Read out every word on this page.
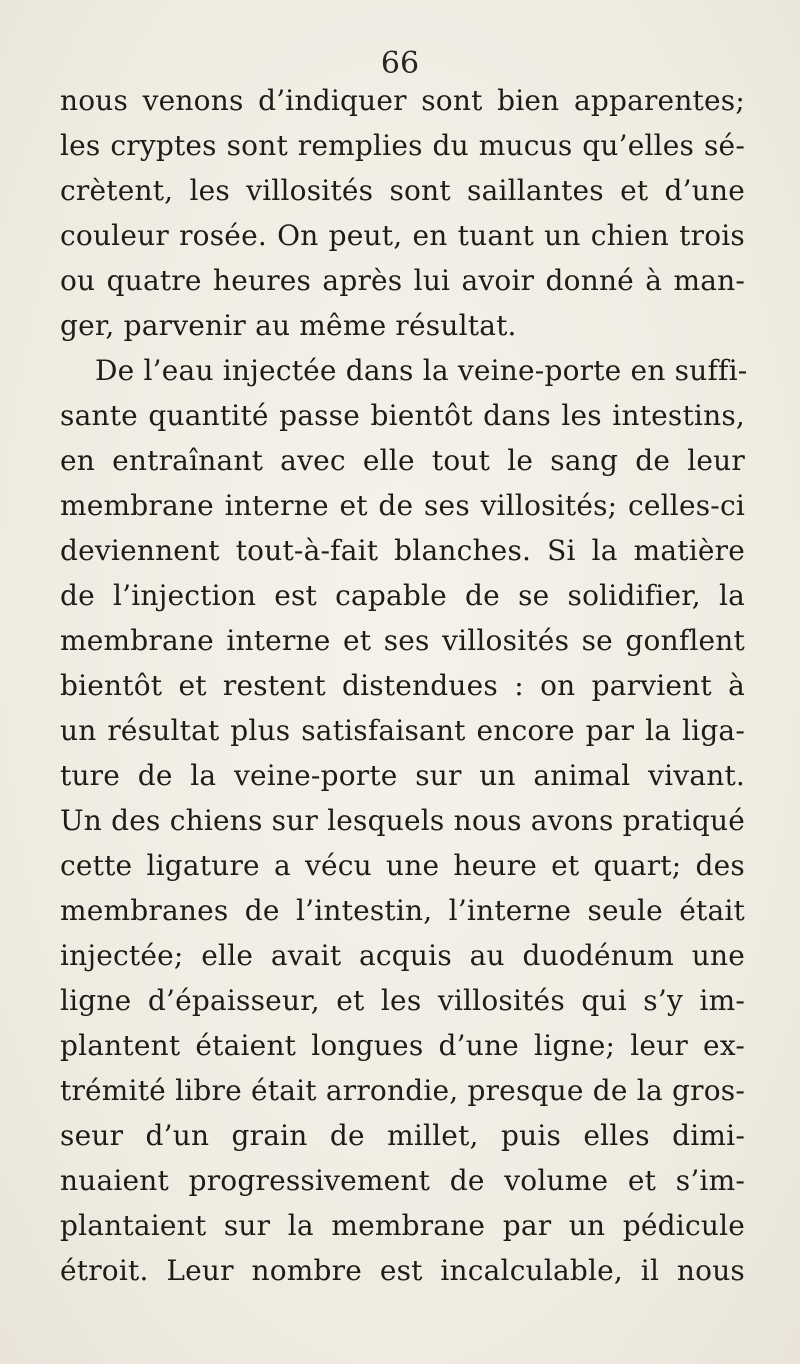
66
nous venons d’indiquer sont bien apparentes;
les cryptes sont remplies du mucus qu’elles sé-
crètent, les villosités sont saillantes et d’une
couleur rosée. On peut, en tuant un chien trois
ou quatre heures après lui avoir donné à man-
ger, parvenir au même résultat.
De l’eau injectée dans la veine-porte en suffi-
sante quantité passe bientôt dans les intestins,
en entraînant avec elle tout le sang de leur
membrane interne et de ses villosités; celles-ci
deviennent tout-à-fait blanches. Si la matière
de l’injection est capable de se solidifier, la
membrane interne et ses villosités se gonflent
bientôt et restent distendues : on parvient à
un résultat plus satisfaisant encore par la liga-
ture de la veine-porte sur un animal vivant.
Un des chiens sur lesquels nous avons pratiqué
cette ligature a vécu une heure et quart; des
membranes de l’intestin, l’interne seule était
injectée; elle avait acquis au duodénum une
ligne d’épaisseur, et les villosités qui s’y im-
plantent étaient longues d’une ligne; leur ex-
trémité libre était arrondie, presque de la gros-
seur d’un grain de millet, puis elles dimi-
nuaient progressivement de volume et s’im-
plantaient sur la membrane par un pédicule
étroit. Leur nombre est incalculable, il nous
